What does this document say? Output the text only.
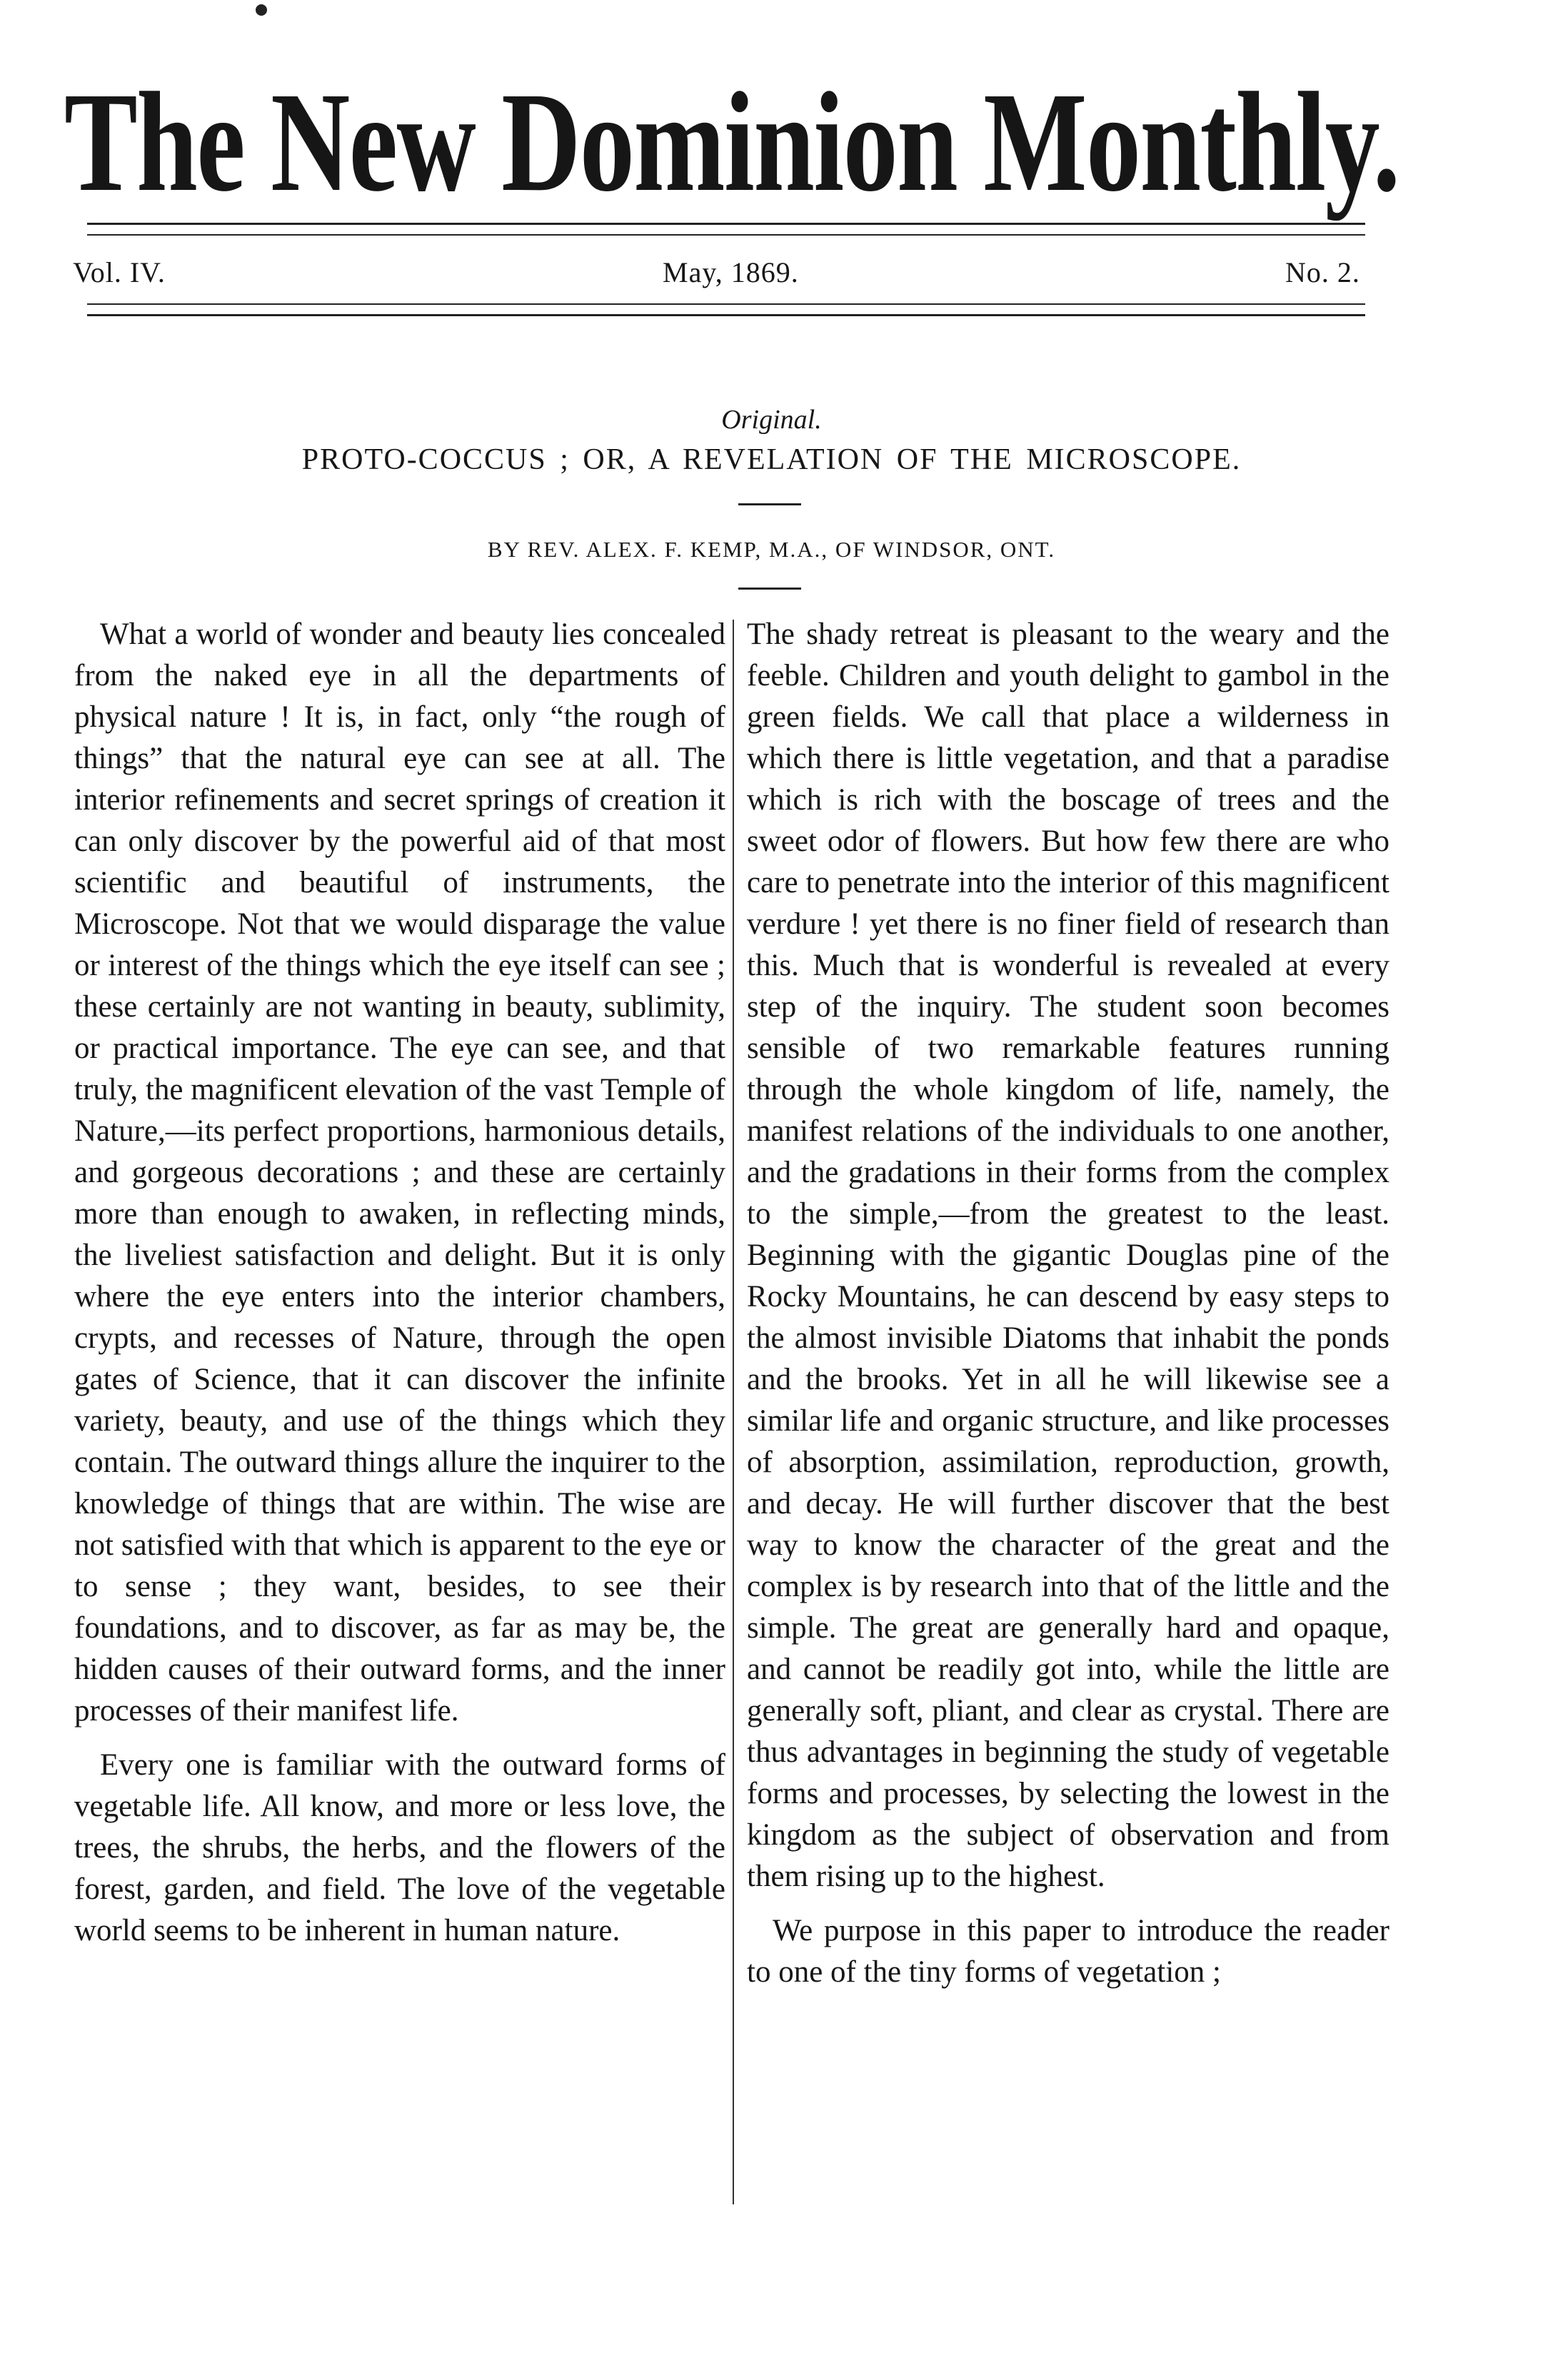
The New Dominion Monthly.
Vol. IV.	May, 1869.	No. 2.
Original.
PROTO-COCCUS ; OR, A REVELATION OF THE MICROSCOPE.
BY REV. ALEX. F. KEMP, M.A., OF WINDSOR, ONT.

What a world of wonder and beauty lies concealed from the naked eye in all the departments of physical nature ! It is, in fact, only “the rough of things” that the natural eye can see at all. The interior refinements and secret springs of creation it can only discover by the powerful aid of that most scientific and beautiful of instruments, the Microscope. Not that we would disparage the value or interest of the things which the eye itself can see ; these certainly are not wanting in beauty, sublimity, or practical importance. The eye can see, and that truly, the magnificent elevation of the vast Temple of Nature,—its perfect proportions, harmonious details, and gorgeous decorations ; and these are certainly more than enough to awaken, in reflecting minds, the liveliest satisfaction and delight. But it is only where the eye enters into the interior chambers, crypts, and recesses of Nature, through the open gates of Science, that it can discover the infinite variety, beauty, and use of the things which they contain. The outward things allure the inquirer to the knowledge of things that are within. The wise are not satisfied with that which is apparent to the eye or to sense ; they want, besides, to see their foundations, and to discover, as far as may be, the hidden causes of their outward forms, and the inner processes of their manifest life.

Every one is familiar with the outward forms of vegetable life. All know, and more or less love, the trees, the shrubs, the herbs, and the flowers of the forest, garden, and field. The love of the vegetable world seems to be inherent in human nature.

The shady retreat is pleasant to the weary and the feeble. Children and youth delight to gambol in the green fields. We call that place a wilderness in which there is little vegetation, and that a paradise which is rich with the boscage of trees and the sweet odor of flowers. But how few there are who care to penetrate into the interior of this magnificent verdure ! yet there is no finer field of research than this. Much that is wonderful is revealed at every step of the inquiry. The student soon becomes sensible of two remarkable features running through the whole kingdom of life, namely, the manifest relations of the individuals to one another, and the gradations in their forms from the complex to the simple,—from the greatest to the least. Beginning with the gigantic Douglas pine of the Rocky Mountains, he can descend by easy steps to the almost invisible Diatoms that inhabit the ponds and the brooks. Yet in all he will likewise see a similar life and organic structure, and like processes of absorption, assimilation, reproduction, growth, and decay. He will further discover that the best way to know the character of the great and the complex is by research into that of the little and the simple. The great are generally hard and opaque, and cannot be readily got into, while the little are generally soft, pliant, and clear as crystal. There are thus advantages in beginning the study of vegetable forms and processes, by selecting the lowest in the kingdom as the subject of observation and from them rising up to the highest.

We purpose in this paper to introduce the reader to one of the tiny forms of vegetation ;
